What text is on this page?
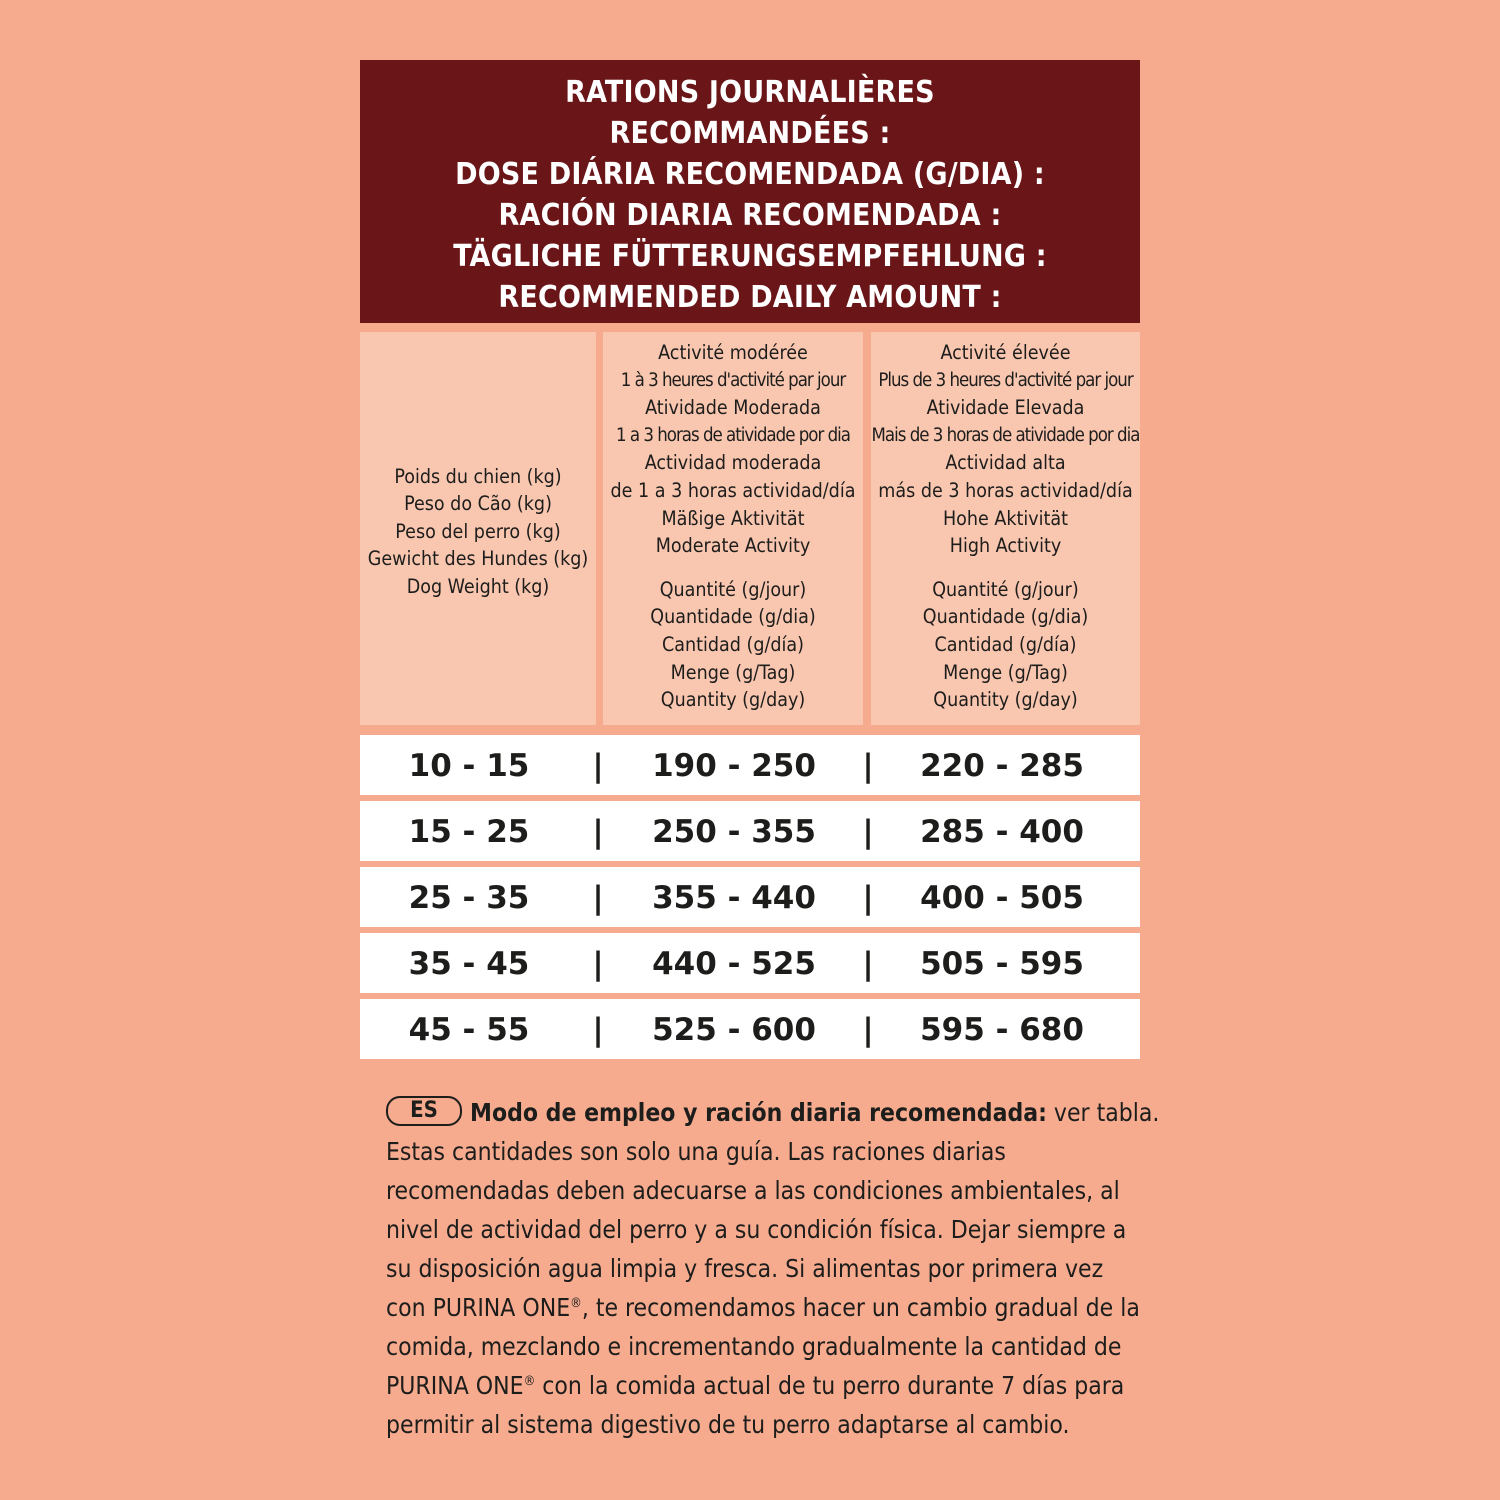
RATIONS JOURNALIÈRES
RECOMMANDÉES :
DOSE DIÁRIA RECOMENDADA (G/DIA) :
RACIÓN DIARIA RECOMENDADA :
TÄGLICHE FÜTTERUNGSEMPFEHLUNG :
RECOMMENDED DAILY AMOUNT :
Poids du chien (kg)
Peso do Cão (kg)
Peso del perro (kg)
Gewicht des Hundes (kg)
Dog Weight (kg)
Activité modérée
1 à 3 heures d'activité par jour
Atividade Moderada
1 a 3 horas de atividade por dia
Actividad moderada
de 1 a 3 horas actividad/día
Mäßige Aktivität
Moderate Activity
Quantité (g/jour)
Quantidade (g/dia)
Cantidad (g/día)
Menge (g/Tag)
Quantity (g/day)
Activité élevée
Plus de 3 heures d'activité par jour
Atividade Elevada
Mais de 3 horas de atividade por dia
Actividad alta
más de 3 horas actividad/día
Hohe Aktivität
High Activity
Quantité (g/jour)
Quantidade (g/dia)
Cantidad (g/día)
Menge (g/Tag)
Quantity (g/day)
10 - 15	|	190 - 250	|	220 - 285
15 - 25	|	250 - 355	|	285 - 400
25 - 35	|	355 - 440	|	400 - 505
35 - 45	|	440 - 525	|	505 - 595
45 - 55	|	525 - 600	|	595 - 680
ES Modo de empleo y ración diaria recomendada: ver tabla.
Estas cantidades son solo una guía. Las raciones diarias
recomendadas deben adecuarse a las condiciones ambientales, al
nivel de actividad del perro y a su condición física. Dejar siempre a
su disposición agua limpia y fresca. Si alimentas por primera vez
con PURINA ONE®, te recomendamos hacer un cambio gradual de la
comida, mezclando e incrementando gradualmente la cantidad de
PURINA ONE® con la comida actual de tu perro durante 7 días para
permitir al sistema digestivo de tu perro adaptarse al cambio.
